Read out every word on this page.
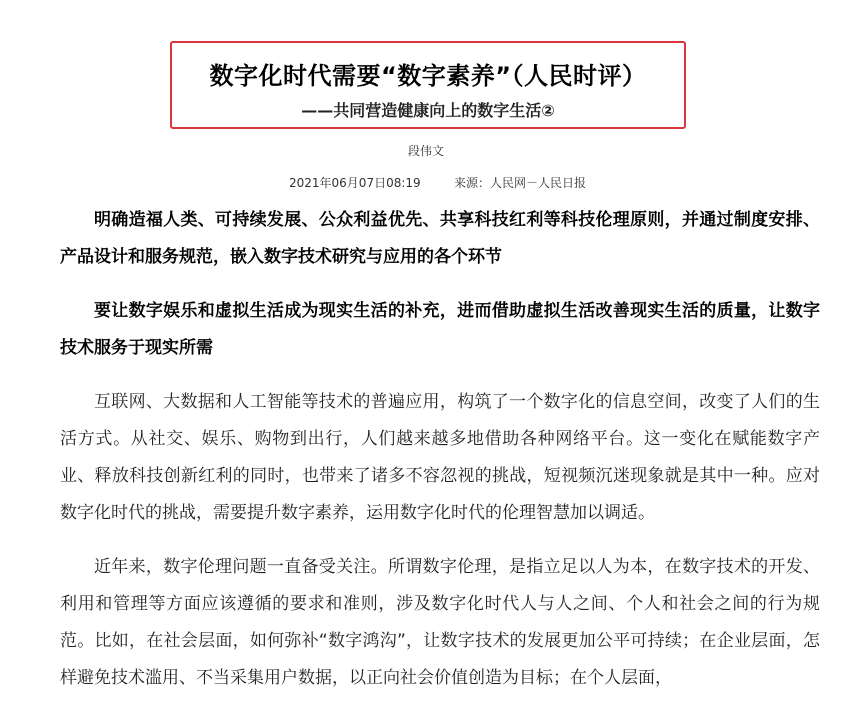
数字化时代需要“数字素养”（人民时评）
——共同营造健康向上的数字生活②
段伟文
2021年06月07日08:19	来源：人民网－人民日报

明确造福人类、可持续发展、公众利益优先、共享科技红利等科技伦理原则，并通过制度安排、产品设计和服务规范，嵌入数字技术研究与应用的各个环节

要让数字娱乐和虚拟生活成为现实生活的补充，进而借助虚拟生活改善现实生活的质量，让数字技术服务于现实所需

互联网、大数据和人工智能等技术的普遍应用，构筑了一个数字化的信息空间，改变了人们的生活方式。从社交、娱乐、购物到出行，人们越来越多地借助各种网络平台。这一变化在赋能数字产业、释放科技创新红利的同时，也带来了诸多不容忽视的挑战，短视频沉迷现象就是其中一种。应对数字化时代的挑战，需要提升数字素养，运用数字化时代的伦理智慧加以调适。

近年来，数字伦理问题一直备受关注。所谓数字伦理，是指立足以人为本，在数字技术的开发、利用和管理等方面应该遵循的要求和准则，涉及数字化时代人与人之间、个人和社会之间的行为规范。比如，在社会层面，如何弥补“数字鸿沟”，让数字技术的发展更加公平可持续；在企业层面，怎样避免技术滥用、不当采集用户数据，以正向社会价值创造为目标；在个人层面，
